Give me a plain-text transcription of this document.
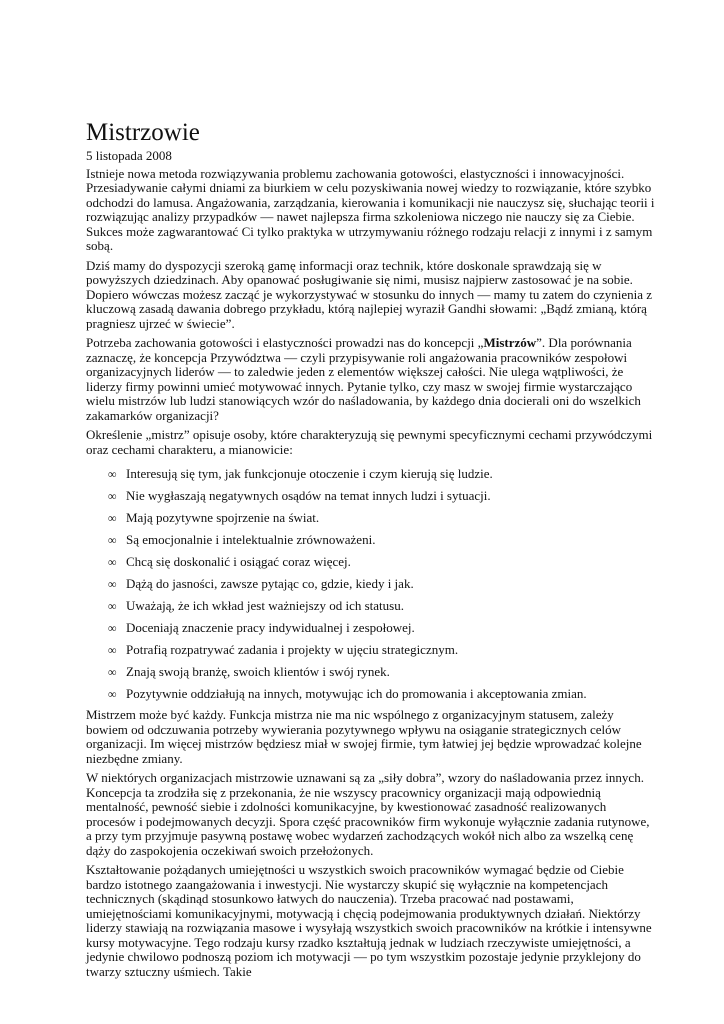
Mistrzowie
5 listopada 2008

Istnieje nowa metoda rozwiązywania problemu zachowania gotowości, elastyczności i innowacyjności. Przesiadywanie całymi dniami za biurkiem w celu pozyskiwania nowej wiedzy to rozwiązanie, które szybko odchodzi do lamusa. Angażowania, zarządzania, kierowania i komunikacji nie nauczysz się, słuchając teorii i rozwiązując analizy przypadków — nawet najlepsza firma szkoleniowa niczego nie nauczy się za Ciebie. Sukces może zagwarantować Ci tylko praktyka w utrzymywaniu różnego rodzaju relacji z innymi i z samym sobą.

Dziś mamy do dyspozycji szeroką gamę informacji oraz technik, które doskonale sprawdzają się w powyższych dziedzinach. Aby opanować posługiwanie się nimi, musisz najpierw zastosować je na sobie. Dopiero wówczas możesz zacząć je wykorzystywać w stosunku do innych — mamy tu zatem do czynienia z kluczową zasadą dawania dobrego przykładu, którą najlepiej wyraził Gandhi słowami: „Bądź zmianą, którą pragniesz ujrzeć w świecie”.

Potrzeba zachowania gotowości i elastyczności prowadzi nas do koncepcji „Mistrzów”. Dla porównania zaznaczę, że koncepcja Przywództwa — czyli przypisywanie roli angażowania pracowników zespołowi organizacyjnych liderów — to zaledwie jeden z elementów większej całości. Nie ulega wątpliwości, że liderzy firmy powinni umieć motywować innych. Pytanie tylko, czy masz w swojej firmie wystarczająco wielu mistrzów lub ludzi stanowiących wzór do naśladowania, by każdego dnia docierali oni do wszelkich zakamarków organizacji?

Określenie „mistrz” opisuje osoby, które charakteryzują się pewnymi specyficznymi cechami przywódczymi oraz cechami charakteru, a mianowicie:

∞ Interesują się tym, jak funkcjonuje otoczenie i czym kierują się ludzie.
∞ Nie wygłaszają negatywnych osądów na temat innych ludzi i sytuacji.
∞ Mają pozytywne spojrzenie na świat.
∞ Są emocjonalnie i intelektualnie zrównoważeni.
∞ Chcą się doskonalić i osiągać coraz więcej.
∞ Dążą do jasności, zawsze pytając co, gdzie, kiedy i jak.
∞ Uważają, że ich wkład jest ważniejszy od ich statusu.
∞ Doceniają znaczenie pracy indywidualnej i zespołowej.
∞ Potrafią rozpatrywać zadania i projekty w ujęciu strategicznym.
∞ Znają swoją branżę, swoich klientów i swój rynek.
∞ Pozytywnie oddziałują na innych, motywując ich do promowania i akceptowania zmian.

Mistrzem może być każdy. Funkcja mistrza nie ma nic wspólnego z organizacyjnym statusem, zależy bowiem od odczuwania potrzeby wywierania pozytywnego wpływu na osiąganie strategicznych celów organizacji. Im więcej mistrzów będziesz miał w swojej firmie, tym łatwiej jej będzie wprowadzać kolejne niezbędne zmiany.

W niektórych organizacjach mistrzowie uznawani są za „siły dobra”, wzory do naśladowania przez innych. Koncepcja ta zrodziła się z przekonania, że nie wszyscy pracownicy organizacji mają odpowiednią mentalność, pewność siebie i zdolności komunikacyjne, by kwestionować zasadność realizowanych procesów i podejmowanych decyzji. Spora część pracowników firm wykonuje wyłącznie zadania rutynowe, a przy tym przyjmuje pasywną postawę wobec wydarzeń zachodzących wokół nich albo za wszelką cenę dąży do zaspokojenia oczekiwań swoich przełożonych.

Kształtowanie pożądanych umiejętności u wszystkich swoich pracowników wymagać będzie od Ciebie bardzo istotnego zaangażowania i inwestycji. Nie wystarczy skupić się wyłącznie na kompetencjach technicznych (skądinąd stosunkowo łatwych do nauczenia). Trzeba pracować nad postawami, umiejętnościami komunikacyjnymi, motywacją i chęcią podejmowania produktywnych działań. Niektórzy liderzy stawiają na rozwiązania masowe i wysyłają wszystkich swoich pracowników na krótkie i intensywne kursy motywacyjne. Tego rodzaju kursy rzadko kształtują jednak w ludziach rzeczywiste umiejętności, a jedynie chwilowo podnoszą poziom ich motywacji — po tym wszystkim pozostaje jedynie przyklejony do twarzy sztuczny uśmiech. Takie
